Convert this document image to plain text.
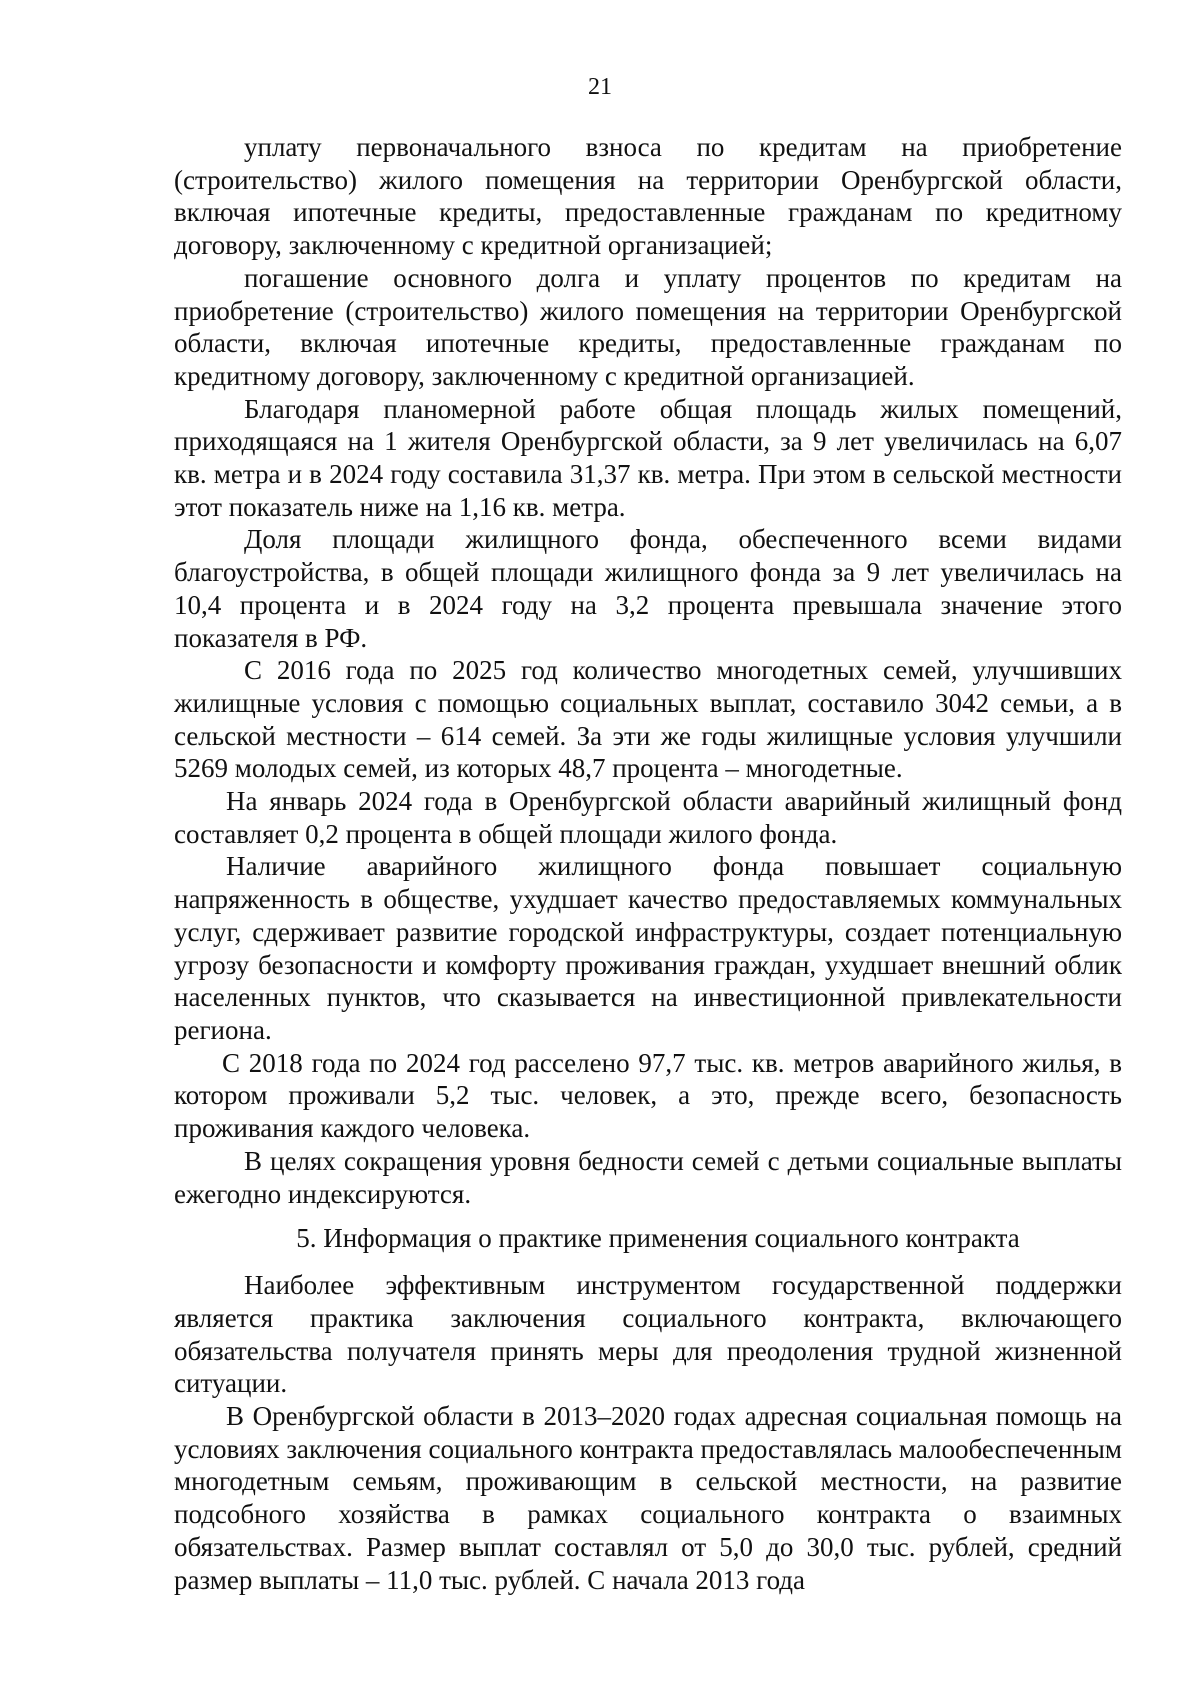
21

уплату первоначального взноса по кредитам на приобретение (строительство) жилого помещения на территории Оренбургской области, включая ипотечные кредиты, предоставленные гражданам по кредитному договору, заключенному с кредитной организацией;

погашение основного долга и уплату процентов по кредитам на приобретение (строительство) жилого помещения на территории Оренбургской области, включая ипотечные кредиты, предоставленные гражданам по кредитному договору, заключенному с кредитной организацией.

Благодаря планомерной работе общая площадь жилых помещений, приходящаяся на 1 жителя Оренбургской области, за 9 лет увеличилась на 6,07 кв. метра и в 2024 году составила 31,37 кв. метра. При этом в сельской местности этот показатель ниже на 1,16 кв. метра.

Доля площади жилищного фонда, обеспеченного всеми видами благоустройства, в общей площади жилищного фонда за 9 лет увеличилась на 10,4 процента и в 2024 году на 3,2 процента превышала значение этого показателя в РФ.

С 2016 года по 2025 год количество многодетных семей, улучшивших жилищные условия с помощью социальных выплат, составило 3042 семьи, а в сельской местности – 614 семей. За эти же годы жилищные условия улучшили 5269 молодых семей, из которых 48,7 процента – многодетные.

На январь 2024 года в Оренбургской области аварийный жилищный фонд составляет 0,2 процента в общей площади жилого фонда.

Наличие аварийного жилищного фонда повышает социальную напряженность в обществе, ухудшает качество предоставляемых коммунальных услуг, сдерживает развитие городской инфраструктуры, создает потенциальную угрозу безопасности и комфорту проживания граждан, ухудшает внешний облик населенных пунктов, что сказывается на инвестиционной привлекательности региона.

С 2018 года по 2024 год расселено 97,7 тыс. кв. метров аварийного жилья, в котором проживали 5,2 тыс. человек, а это, прежде всего, безопасность проживания каждого человека.

В целях сокращения уровня бедности семей с детьми социальные выплаты ежегодно индексируются.

5. Информация о практике применения социального контракта

Наиболее эффективным инструментом государственной поддержки является практика заключения социального контракта, включающего обязательства получателя принять меры для преодоления трудной жизненной ситуации.

В Оренбургской области в 2013–2020 годах адресная социальная помощь на условиях заключения социального контракта предоставлялась малообеспеченным многодетным семьям, проживающим в сельской местности, на развитие подсобного хозяйства в рамках социального контракта о взаимных обязательствах. Размер выплат составлял от 5,0 до 30,0 тыс. рублей, средний размер выплаты – 11,0 тыс. рублей. С начала 2013 года
